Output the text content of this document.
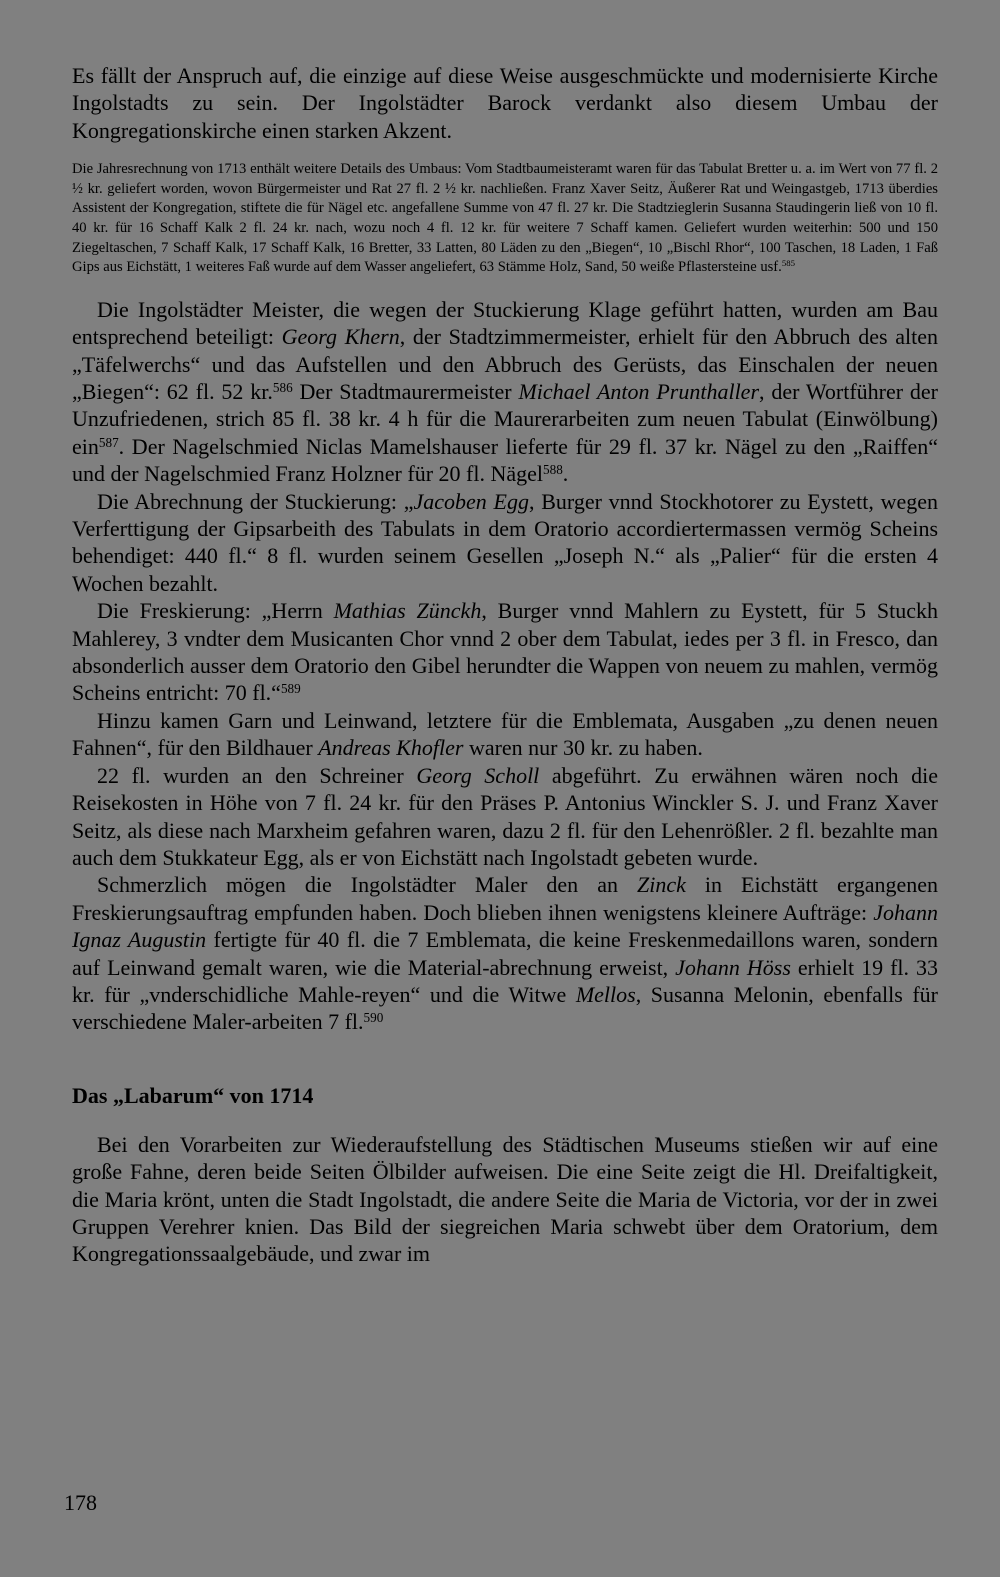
Es fällt der Anspruch auf, die einzige auf diese Weise ausgeschmückte und modernisierte Kirche Ingolstadts zu sein. Der Ingolstädter Barock verdankt also diesem Umbau der Kongregationskirche einen starken Akzent.

Die Jahresrechnung von 1713 enthält weitere Details des Umbaus: Vom Stadtbaumeisteramt waren für das Tabulat Bretter u. a. im Wert von 77 fl. 2 ½ kr. geliefert worden, wovon Bürgermeister und Rat 27 fl. 2 ½ kr. nachließen. Franz Xaver Seitz, Äußerer Rat und Weingastgeb, 1713 überdies Assistent der Kongregation, stiftete die für Nägel etc. angefallene Summe von 47 fl. 27 kr. Die Stadtzieglerin Susanna Staudingerin ließ von 10 fl. 40 kr. für 16 Schaff Kalk 2 fl. 24 kr. nach, wozu noch 4 fl. 12 kr. für weitere 7 Schaff kamen. Geliefert wurden weiterhin: 500 und 150 Ziegeltaschen, 7 Schaff Kalk, 17 Schaff Kalk, 16 Bretter, 33 Latten, 80 Läden zu den „Biegen“, 10 „Bischl Rhor“, 100 Taschen, 18 Laden, 1 Faß Gips aus Eichstätt, 1 weiteres Faß wurde auf dem Wasser angeliefert, 63 Stämme Holz, Sand, 50 weiße Pflastersteine usf.$^{585}$

Die Ingolstädter Meister, die wegen der Stuckierung Klage geführt hatten, wurden am Bau entsprechend beteiligt: Georg Khern, der Stadtzimmermeister, erhielt für den Abbruch des alten „Täfelwerchs“ und das Aufstellen und den Abbruch des Gerüsts, das Einschalen der neuen „Biegen“: 62 fl. 52 kr.$^{586}$ Der Stadtmaurermeister Michael Anton Prunthaller, der Wortführer der Unzufriedenen, strich 85 fl. 38 kr. 4 h für die Maurerarbeiten zum neuen Tabulat (Einwölbung) ein$^{587}$. Der Nagelschmied Niclas Mamelshauser lieferte für 29 fl. 37 kr. Nägel zu den „Raiffen“ und der Nagelschmied Franz Holzner für 20 fl. Nägel$^{588}$.

Die Abrechnung der Stuckierung: „Jacoben Egg, Burger vnnd Stockhotorer zu Eystett, wegen Verferttigung der Gipsarbeith des Tabulats in dem Oratorio accordiertermassen vermög Scheins behendiget: 440 fl.“ 8 fl. wurden seinem Gesellen „Joseph N.“ als „Palier“ für die ersten 4 Wochen bezahlt.

Die Freskierung: „Herrn Mathias Zünckh, Burger vnnd Mahlern zu Eystett, für 5 Stuckh Mahlerey, 3 vndter dem Musicanten Chor vnnd 2 ober dem Tabulat, iedes per 3 fl. in Fresco, dan absonderlich ausser dem Oratorio den Gibel herundter die Wappen von neuem zu mahlen, vermög Scheins entricht: 70 fl.“$^{589}$

Hinzu kamen Garn und Leinwand, letztere für die Emblemata, Ausgaben „zu denen neuen Fahnen“, für den Bildhauer Andreas Khofler waren nur 30 kr. zu haben.

22 fl. wurden an den Schreiner Georg Scholl abgeführt. Zu erwähnen wären noch die Reisekosten in Höhe von 7 fl. 24 kr. für den Präses P. Antonius Winckler S. J. und Franz Xaver Seitz, als diese nach Marxheim gefahren waren, dazu 2 fl. für den Lehenrößler. 2 fl. bezahlte man auch dem Stukkateur Egg, als er von Eichstätt nach Ingolstadt gebeten wurde.

Schmerzlich mögen die Ingolstädter Maler den an Zinck in Eichstätt ergangenen Freskierungsauftrag empfunden haben. Doch blieben ihnen wenigstens kleinere Aufträge: Johann Ignaz Augustin fertigte für 40 fl. die 7 Emblemata, die keine Freskenmedaillons waren, sondern auf Leinwand gemalt waren, wie die Material-abrechnung erweist, Johann Höss erhielt 19 fl. 33 kr. für „vnderschidliche Mahle-reyen“ und die Witwe Mellos, Susanna Melonin, ebenfalls für verschiedene Maler-arbeiten 7 fl.$^{590}$

Das „Labarum“ von 1714

Bei den Vorarbeiten zur Wiederaufstellung des Städtischen Museums stießen wir auf eine große Fahne, deren beide Seiten Ölbilder aufweisen. Die eine Seite zeigt die Hl. Dreifaltigkeit, die Maria krönt, unten die Stadt Ingolstadt, die andere Seite die Maria de Victoria, vor der in zwei Gruppen Verehrer knien. Das Bild der siegreichen Maria schwebt über dem Oratorium, dem Kongregationssaalgebäude, und zwar im

178
